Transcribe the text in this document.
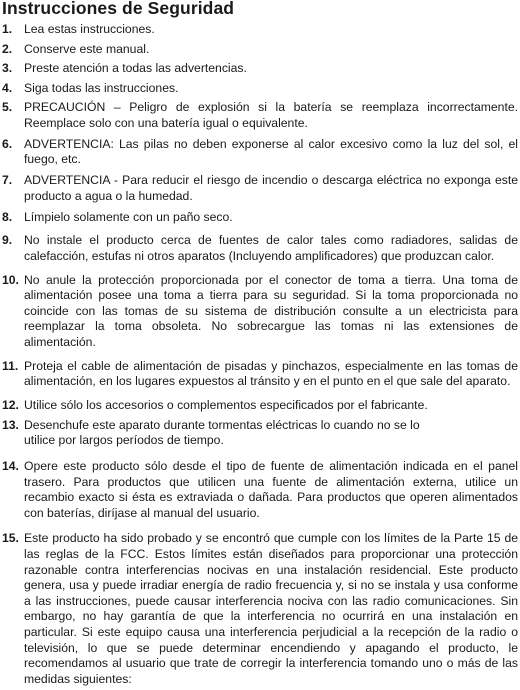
Instrucciones de Seguridad
1. Lea estas instrucciones.
2. Conserve este manual.
3. Preste atención a todas las advertencias.
4. Siga todas las instrucciones.
5. PRECAUCIÓN – Peligro de explosión si la batería se reemplaza incorrectamente. Reemplace solo con una batería igual o equivalente.
6. ADVERTENCIA: Las pilas no deben exponerse al calor excesivo como la luz del sol, el fuego, etc.
7. ADVERTENCIA - Para reducir el riesgo de incendio o descarga eléctrica no exponga este producto a agua o la humedad.
8. Límpielo solamente con un paño seco.
9. No instale el producto cerca de fuentes de calor tales como radiadores, salidas de calefacción, estufas ni otros aparatos (Incluyendo amplificadores) que produzcan calor.
10. No anule la protección proporcionada por el conector de toma a tierra. Una toma de alimentación posee una toma a tierra para su seguridad. Si la toma proporcionada no coincide con las tomas de su sistema de distribución consulte a un electricista para reemplazar la toma obsoleta. No sobrecargue las tomas ni las extensiones de alimentación.
11. Proteja el cable de alimentación de pisadas y pinchazos, especialmente en las tomas de alimentación, en los lugares expuestos al tránsito y en el punto en el que sale del aparato.
12. Utilice sólo los accesorios o complementos especificados por el fabricante.
13. Desenchufe este aparato durante tormentas eléctricas lo cuando no se lo utilice por largos períodos de tiempo.
14. Opere este producto sólo desde el tipo de fuente de alimentación indicada en el panel trasero. Para productos que utilicen una fuente de alimentación externa, utilice un recambio exacto si ésta es extraviada o dañada. Para productos que operen alimentados con baterías, diríjase al manual del usuario.
15. Este producto ha sido probado y se encontró que cumple con los límites de la Parte 15 de las reglas de la FCC. Estos límites están diseñados para proporcionar una protección razonable contra interferencias nocivas en una instalación residencial. Este producto genera, usa y puede irradiar energía de radio frecuencia y, si no se instala y usa conforme a las instrucciones, puede causar interferencia nociva con las radio comunicaciones. Sin embargo, no hay garantía de que la interferencia no ocurrirá en una instalación en particular. Si este equipo causa una interferencia perjudicial a la recepción de la radio o televisión, lo que se puede determinar encendiendo y apagando el producto, le recomendamos al usuario que trate de corregir la interferencia tomando uno o más de las medidas siguientes:
